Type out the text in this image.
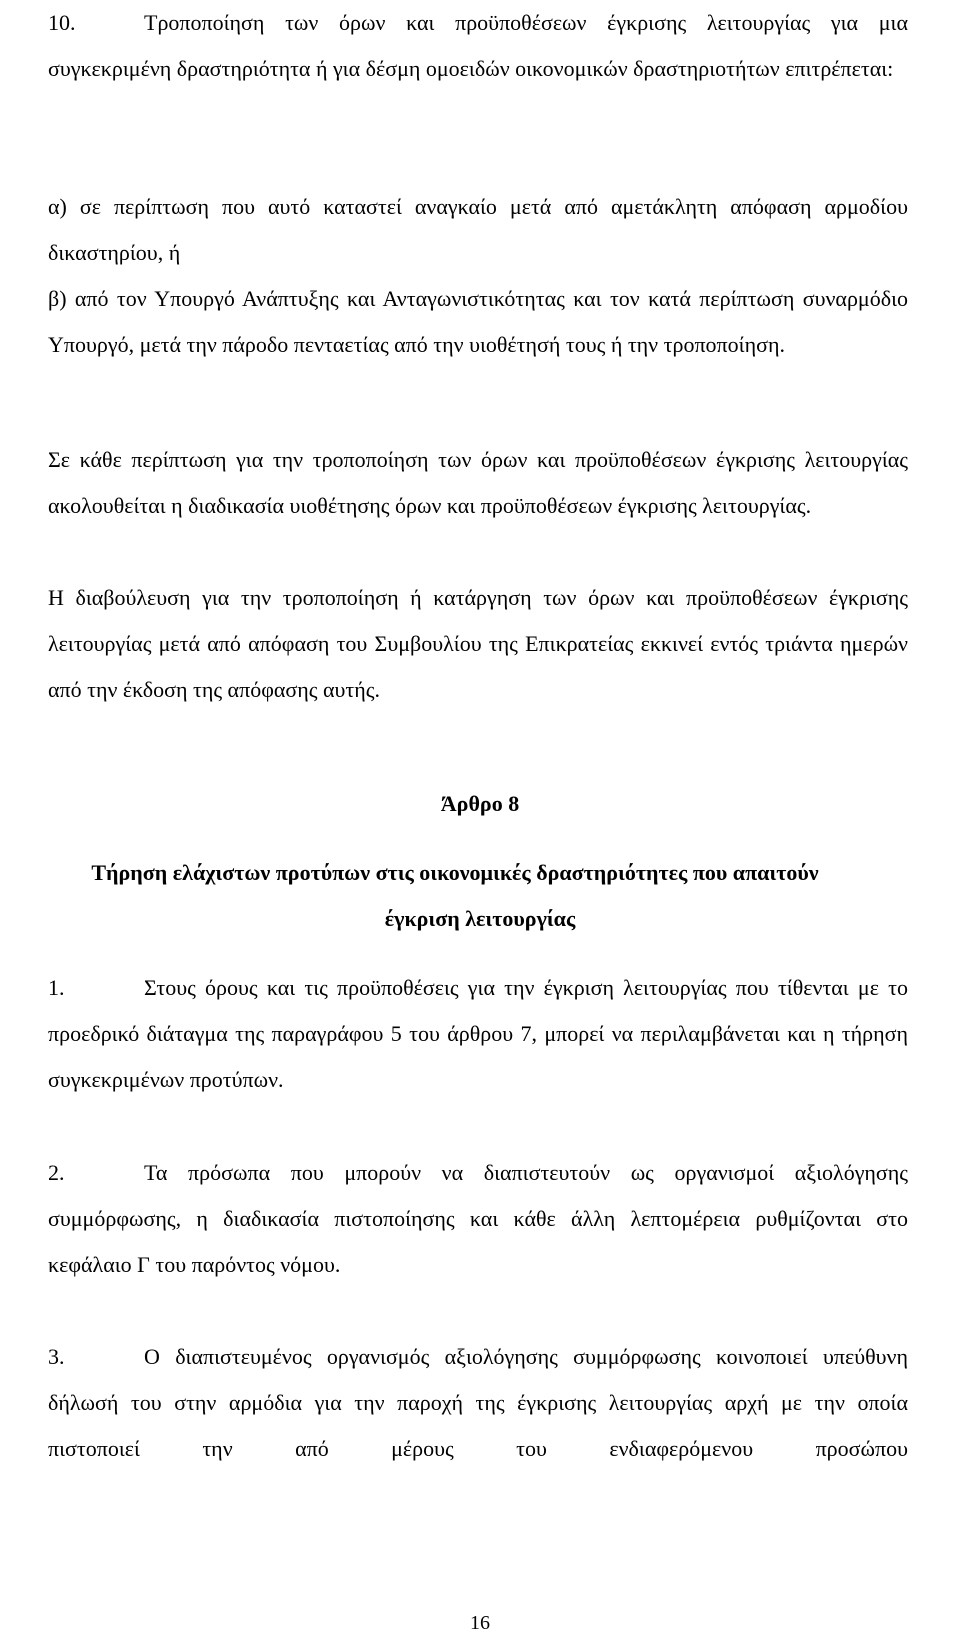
10.	Τροποποίηση των όρων και προϋποθέσεων έγκρισης λειτουργίας για μια συγκεκριμένη δραστηριότητα ή για δέσμη ομοειδών οικονομικών δραστηριοτήτων επιτρέπεται:

α) σε περίπτωση που αυτό καταστεί αναγκαίο μετά από αμετάκλητη απόφαση αρμοδίου δικαστηρίου, ή

β) από τον Υπουργό Ανάπτυξης και Ανταγωνιστικότητας και τον κατά περίπτωση συναρμόδιο Υπουργό, μετά την πάροδο πενταετίας από την υιοθέτησή τους ή την τροποποίηση.

Σε κάθε περίπτωση για την τροποποίηση των όρων και προϋποθέσεων έγκρισης λειτουργίας ακολουθείται η διαδικασία υιοθέτησης όρων και προϋποθέσεων έγκρισης λειτουργίας.

Η διαβούλευση για την τροποποίηση ή κατάργηση των όρων και προϋποθέσεων έγκρισης λειτουργίας μετά από απόφαση του Συμβουλίου της Επικρατείας εκκινεί εντός τριάντα ημερών από την έκδοση της απόφασης αυτής.

Άρθρο 8

Τήρηση ελάχιστων προτύπων στις οικονομικές δραστηριότητες που απαιτούν

έγκριση λειτουργίας

1.	Στους όρους και τις προϋποθέσεις για την έγκριση λειτουργίας που τίθενται με το προεδρικό διάταγμα της παραγράφου 5 του άρθρου 7, μπορεί να περιλαμβάνεται και η τήρηση συγκεκριμένων προτύπων.

2.	Τα πρόσωπα που μπορούν να διαπιστευτούν ως οργανισμοί αξιολόγησης συμμόρφωσης, η διαδικασία πιστοποίησης και κάθε άλλη λεπτομέρεια ρυθμίζονται στο κεφάλαιο Γ του παρόντος νόμου.

3.	Ο διαπιστευμένος οργανισμός αξιολόγησης συμμόρφωσης κοινοποιεί υπεύθυνη δήλωσή του στην αρμόδια για την παροχή της έγκρισης λειτουργίας αρχή με την οποία πιστοποιεί την από μέρους του ενδιαφερόμενου προσώπου

16
